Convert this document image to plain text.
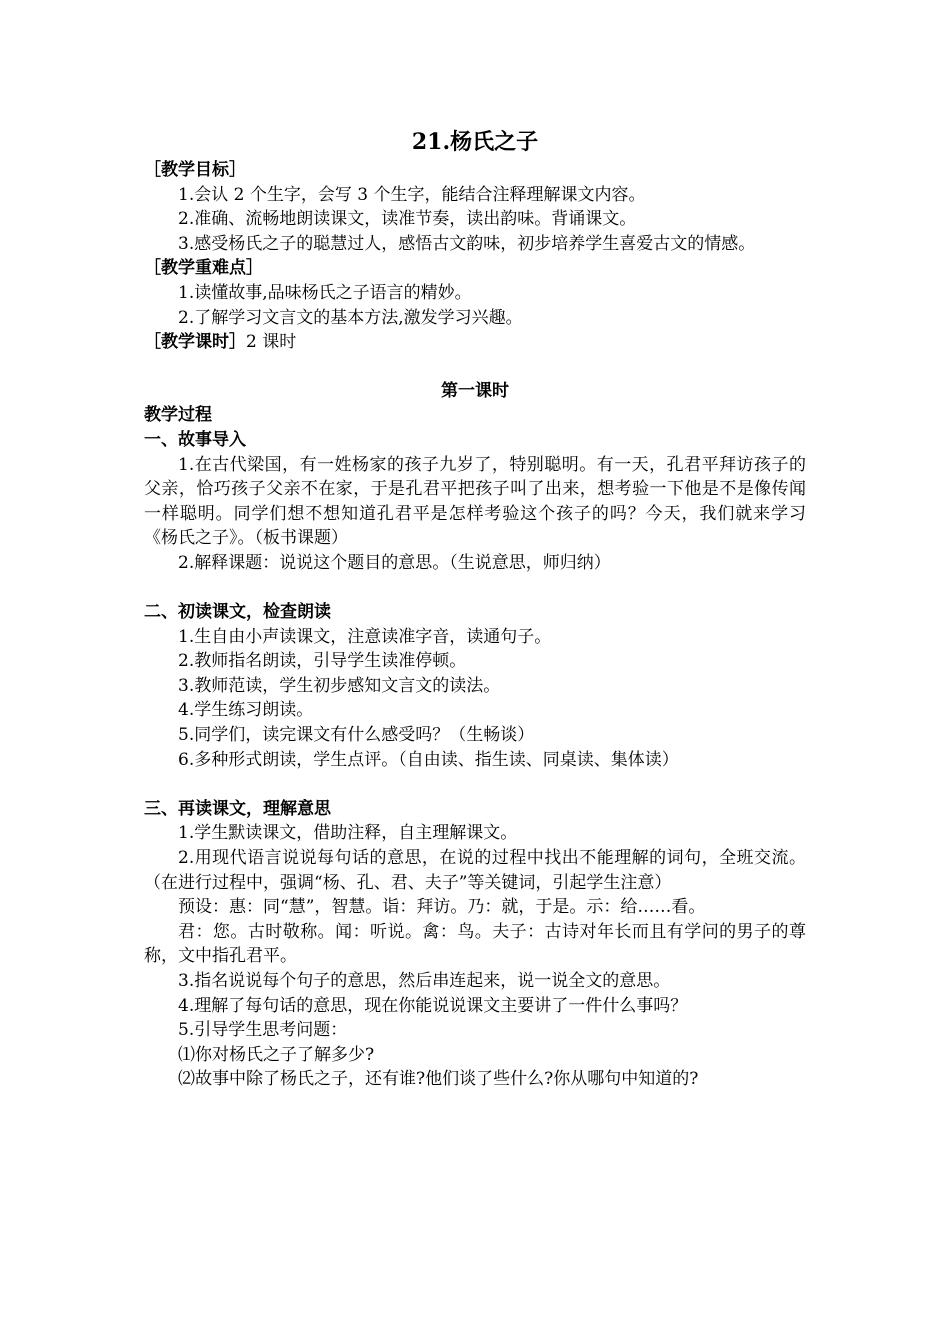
21.杨氏之子
［教学目标］

1.会认 2 个生字，会写 3 个生字，能结合注释理解课文内容。

2.准确、流畅地朗读课文，读准节奏，读出韵味。背诵课文。

3.感受杨氏之子的聪慧过人，感悟古文韵味，初步培养学生喜爱古文的情感。

［教学重难点］

1.读懂故事,品味杨氏之子语言的精妙。

2.了解学习文言文的基本方法,激发学习兴趣。

［教学课时］2 课时
第一课时
教学过程
一、故事导入

1.在古代梁国，有一姓杨家的孩子九岁了，特别聪明。有一天，孔君平拜访孩子的父亲，恰巧孩子父亲不在家，于是孔君平把孩子叫了出来，想考验一下他是不是像传闻一样聪明。同学们想不想知道孔君平是怎样考验这个孩子的吗？今天，我们就来学习《杨氏之子》。（板书课题）

2.解释课题：说说这个题目的意思。（生说意思，师归纳）

二、初读课文，检查朗读

1.生自由小声读课文，注意读准字音，读通句子。

2.教师指名朗读，引导学生读准停顿。

3.教师范读，学生初步感知文言文的读法。

4.学生练习朗读。

5.同学们，读完课文有什么感受吗？（生畅谈）

6.多种形式朗读，学生点评。（自由读、指生读、同桌读、集体读）

三、再读课文，理解意思

1.学生默读课文，借助注释，自主理解课文。

2.用现代语言说说每句话的意思，在说的过程中找出不能理解的词句，全班交流。（在进行过程中，强调“杨、孔、君、夫子”等关键词，引起学生注意）

预设：惠：同“慧”，智慧。诣：拜访。乃：就，于是。示：给……看。

君：您。古时敬称。闻：听说。禽：鸟。夫子：古诗对年长而且有学问的男子的尊称，文中指孔君平。

3.指名说说每个句子的意思，然后串连起来，说一说全文的意思。

4.理解了每句话的意思，现在你能说说课文主要讲了一件什么事吗？

5.引导学生思考问题：

⑴你对杨氏之子了解多少?

⑵故事中除了杨氏之子，还有谁?他们谈了些什么?你从哪句中知道的?
